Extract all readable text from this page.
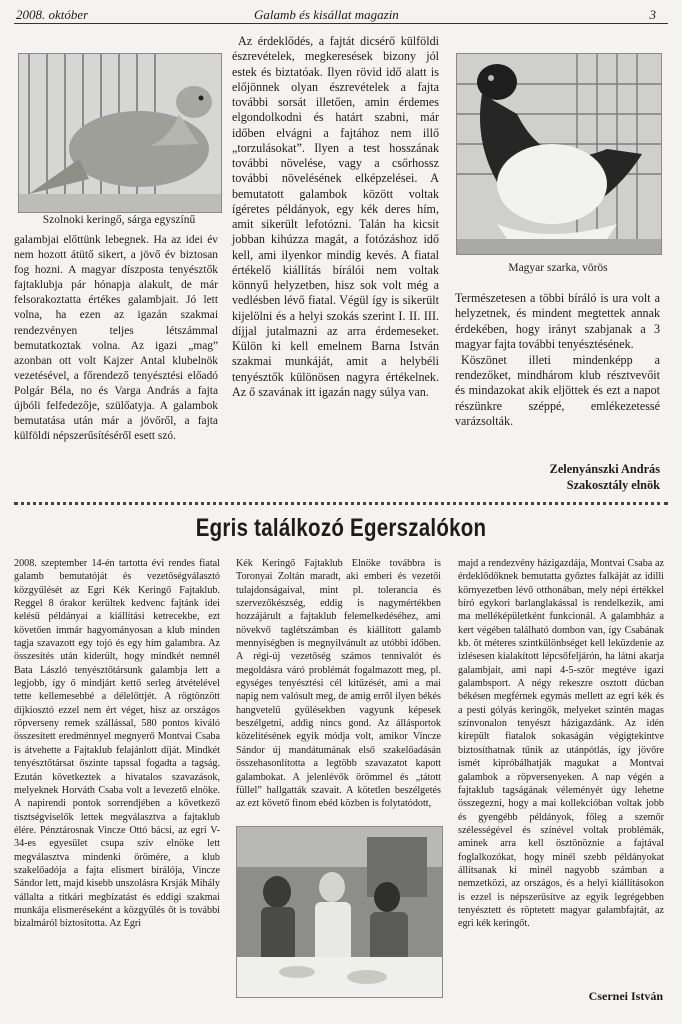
2008. október	Galamb és kisállat magazin	3
Szolnoki keringő, sárga egyszínű

galambjai előttünk lebegnek. Ha az idei év nem hozott átütő sikert, a jövő év biztosan fog hozni. A magyar díszposta tenyésztők fajtaklubja pár hónapja alakult, de már felsorakoztatta értékes galambjait. Jó lett volna, ha ezen az igazán szakmai rendezvényen teljes létszámmal bemutatkoztak volna. Az igazi „mag” azonban ott volt Kajzer Antal klubelnök vezetésével, a főrendező tenyésztési előadó Polgár Béla, no és Varga András a fajta újbóli felfedezője, szülőatyja. A galambok bemutatása után már a jövőről, a fajta külföldi népszerűsítéséről esett szó.

Az érdeklődés, a fajtát dicsérő külföldi észrevételek, megkeresések bizony jól estek és biztatóak. Ilyen rövid idő alatt is előjönnek olyan észrevételek a fajta további sorsát illetően, amin érdemes elgondolkodni és határt szabni, már időben elvágni a fajtához nem illő „torzulásokat”. Ilyen a test hosszának további növelése, vagy a csőrhossz további növelésének elképzelései. A bemutatott galambok között voltak ígéretes példányok, egy kék deres hím, amit sikerült lefotózni. Talán ha kicsit jobban kihúzza magát, a fotózáshoz idő kell, ami ilyenkor mindig kevés. A fiatal értékelő kiállítás bírálói nem voltak könnyű helyzetben, hisz sok volt még a vedlésben lévő fiatal. Végül így is sikerült kijelölni és a helyi szokás szerint I. II. III. díjjal jutalmazni az arra érdemeseket. Külön ki kell emelnem Barna István szakmai munkáját, amit a helybéli tenyésztők különösen nagyra értékelnek. Az ő szavának itt igazán nagy súlya van.

Magyar szarka, vörös

Természetesen a többi bíráló is ura volt a helyzetnek, és mindent megtettek annak érdekében, hogy irányt szabjanak a 3 magyar fajta további tenyésztésének.

Köszönet illeti mindenképp a rendezőket, mindhárom klub résztvevőit és mindazokat akik eljöttek és ezt a napot részünkre széppé, emlékezetessé varázsolták.

Zelenyánszki András
Szakosztály elnök
Egris találkozó Egerszalókon
2008. szeptember 14-én tartotta évi rendes fiatal galamb bemutatóját és vezetőségválasztó közgyűlését az Egri Kék Keringő Fajtaklub. Reggel 8 órakor kerültek kedvenc fajtánk idei kelésű példányai a kiállítási ketrecekbe, ezt követően immár hagyományosan a klub minden tagja szavazott egy tojó és egy hím galambra. Az összesítés után kiderült, hogy mindkét nemnél Bata László tenyésztőtársunk galambja lett a legjobb, így ő mindjárt kettő serleg átvételével tette kellemesebbé a délelőttjét. A rögtönzött díjkiosztó ezzel nem ért véget, hisz az országos röpverseny remek szállással, 580 pontos kiváló összesített eredménnyel megnyerő Montvai Csaba is átvehette a Fajtaklub felajánlott díját. Mindkét tenyésztőtársat őszinte tapssal fogadta a tagság. Ezután következtek a hivatalos szavazások, melyeknek Horváth Csaba volt a levezető elnöke. A napirendi pontok sorrendjében a következő tisztségviselők lettek megválasztva a fajtaklub élére. Pénztárosnak Vincze Ottó bácsi, az egri V-34-es egyesület csupa szív elnöke lett megválasztva mindenki örömére, a klub szakelőadója a fajta elismert bírálója, Vincze Sándor lett, majd kisebb unszolásra Krsják Mihály vállalta a titkári megbízatást és eddigi szakmai munkája elismeréseként a közgyűlés őt is további bizalmáról biztosította. Az Egri
Kék Keringő Fajtaklub Elnöke továbbra is Toronyai Zoltán maradt, aki emberi és vezetői tulajdonságaival, mint pl. tolerancia és szervezőkészség, eddig is nagymértékben hozzájárult a fajtaklub felemelkedéséhez, ami növekvő taglétszámban és kiállított galamb mennyiségben is megnyilvánult az utóbbi időben. A régi-új vezetőség számos tennivalót és megoldásra váró problémát fogalmazott meg, pl. egységes tenyésztési cél kitűzését, ami a mai napig nem valósult meg, de amig errõl ilyen békés hangvetelű gyűlésekben vagyunk képesek beszélgetni, addig nincs gond. Az állásportok közelítésének egyik módja volt, amikor Vincze Sándor új mandátumának első szakelőadásán összehasonlította a legtöbb szavazatot kapott galambokat. A jelenlévők örömmel és „tátott füllel” hallgatták szavait. A kötetlen beszélgetés az ezt követő finom ebéd közben is folytatódott,
majd a rendezvény házigazdája, Montvai Csaba az érdeklődőknek bemutatta győztes falkáját az idilli környezetben lévő otthonában, mely népi értékkel bíró egykori barlanglakással is rendelkezik, ami ma melléképületként funkcionál. A galambház a kert végében található dombon van, így Csabának kb. öt méteres szintkülönbséget kell leküzdenie az izlésesen kialakított lépcsőfeljárón, ha látni akarja galambjait, ami napi 4-5-ször megtéve igazi galambsport. A négy rekeszre osztott dúcban békésen megférnek egymás mellett az egri kék és a pesti gólyás keringők, melyeket szintén magas színvonalon tenyészt házigazdánk. Az idén kirepült fiatalok sokaságán végigtekintve biztosíthatnak tűnik az utánpótlás, így jövőre ismét kipróbálhatják magukat a Montvai galambok a röpversenyeken. A nap végén a fajtaklub tagságának véleményét úgy lehetne összegezni, hogy a mai kollekcióban voltak jobb és gyengébb példányok, főleg a szemőr szélességével és színével voltak problémák, aminek arra kell ösztönöznie a fajtával foglalkozókat, hogy minél szebb példányokat állítsanak ki minél nagyobb számban a nemzetközi, az országos, és a helyi kiállításokon is ezzel is népszerűsítve az egyik legrégebben tenyésztett és röptetett magyar galambfajtát, az egri kék keringőt.
Csernei István
